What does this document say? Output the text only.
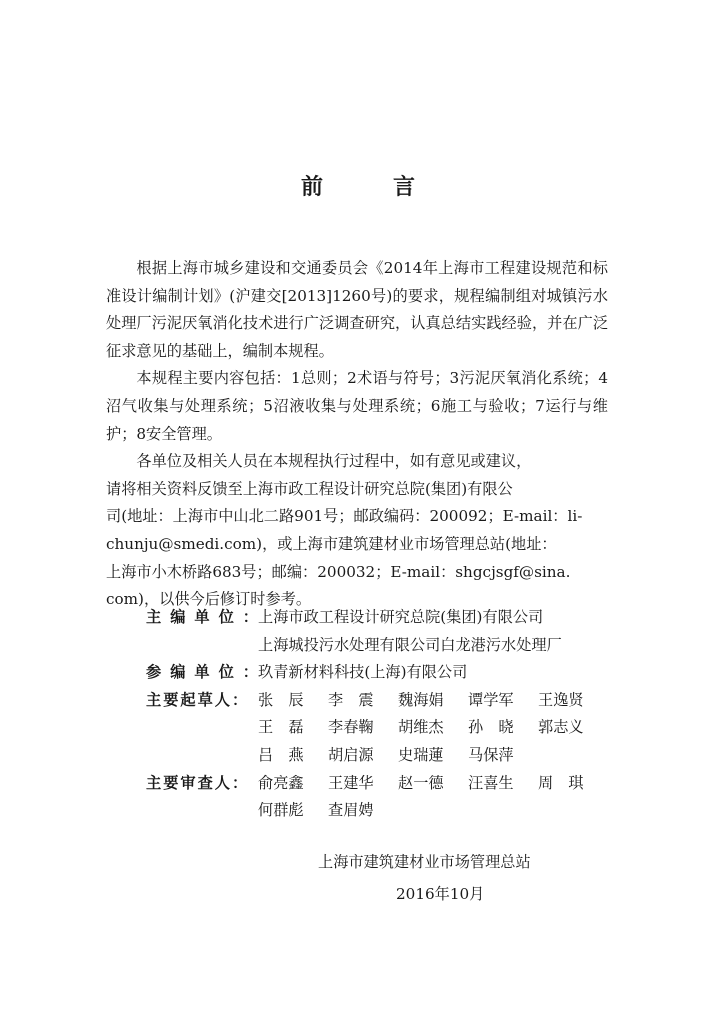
前　言

根据上海市城乡建设和交通委员会《2014年上海市工程建设规范和标准设计编制计划》(沪建交[2013]1260号)的要求，规程编制组对城镇污水处理厂污泥厌氧消化技术进行广泛调查研究，认真总结实践经验，并在广泛征求意见的基础上，编制本规程。

本规程主要内容包括：1总则；2术语与符号；3污泥厌氧消化系统；4沼气收集与处理系统；5沼液收集与处理系统；6施工与验收；7运行与维护；8安全管理。

各单位及相关人员在本规程执行过程中，如有意见或建议，

请将相关资料反馈至上海市政工程设计研究总院(集团)有限公

司(地址：上海市中山北二路901号；邮政编码：200092；E-mail：li-

chunju@smedi.com)，或上海市建筑建材业市场管理总站(地址：

上海市小木桥路683号；邮编：200032；E-mail：shgcjsgf@sina.

com)，以供今后修订时参考。

主编单位：
上海市政工程设计研究总院(集团)有限公司
上海城投污水处理有限公司白龙港污水处理厂
参编单位：
玖青新材料科技(上海)有限公司
主要起草人： 张　辰 李　震 魏海娟 谭学军 王逸贤
王　磊 李春鞠 胡维杰 孙　晓 郭志义
吕　燕 胡启源 史瑞蓮 马保萍
主要审查人： 俞亮鑫 王建华 赵一德 汪喜生 周　琪
何群彪 查眉娉
上海市建筑建材业市场管理总站
2016年10月
